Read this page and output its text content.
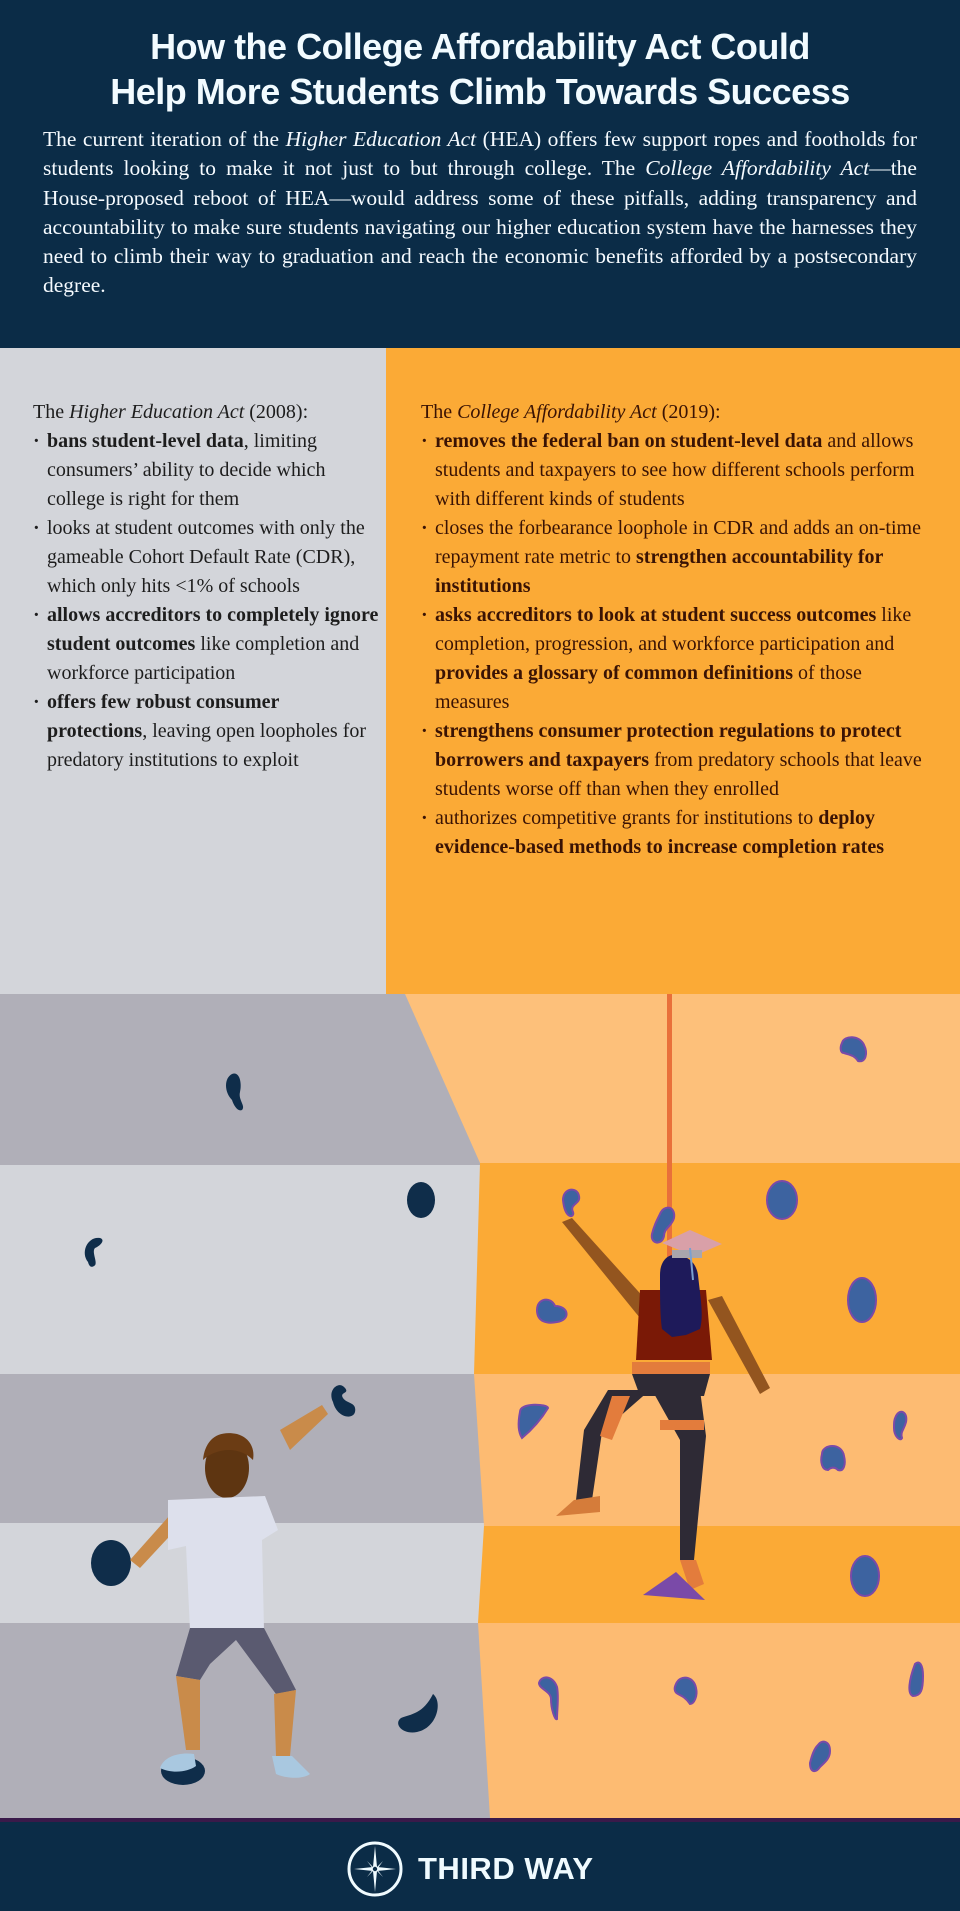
How the College Affordability Act Could
Help More Students Climb Towards Success

The current iteration of the Higher Education Act (HEA) offers few support ropes and footholds for students looking to make it not just to but through college. The College Affordability Act—the House-proposed reboot of HEA—would address some of these pitfalls, adding transparency and accountability to make sure students navigating our higher education system have the harnesses they need to climb their way to graduation and reach the economic benefits afforded by a postsecondary degree.

The Higher Education Act (2008):
· bans student-level data, limiting consumers’ ability to decide which college is right for them
· looks at student outcomes with only the gameable Cohort Default Rate (CDR), which only hits <1% of schools
· allows accreditors to completely ignore student outcomes like completion and workforce participation
· offers few robust consumer protections, leaving open loopholes for predatory institutions to exploit
The College Affordability Act (2019):
· removes the federal ban on student-level data and allows students and taxpayers to see how different schools perform with different kinds of students
· closes the forbearance loophole in CDR and adds an on-time repayment rate metric to strengthen accountability for institutions
· asks accreditors to look at student success outcomes like completion, progression, and workforce participation and provides a glossary of common definitions of those measures
· strengthens consumer protection regulations to protect borrowers and taxpayers from predatory schools that leave students worse off than when they enrolled
· authorizes competitive grants for institutions to deploy evidence-based methods to increase completion rates
THIRD WAY
